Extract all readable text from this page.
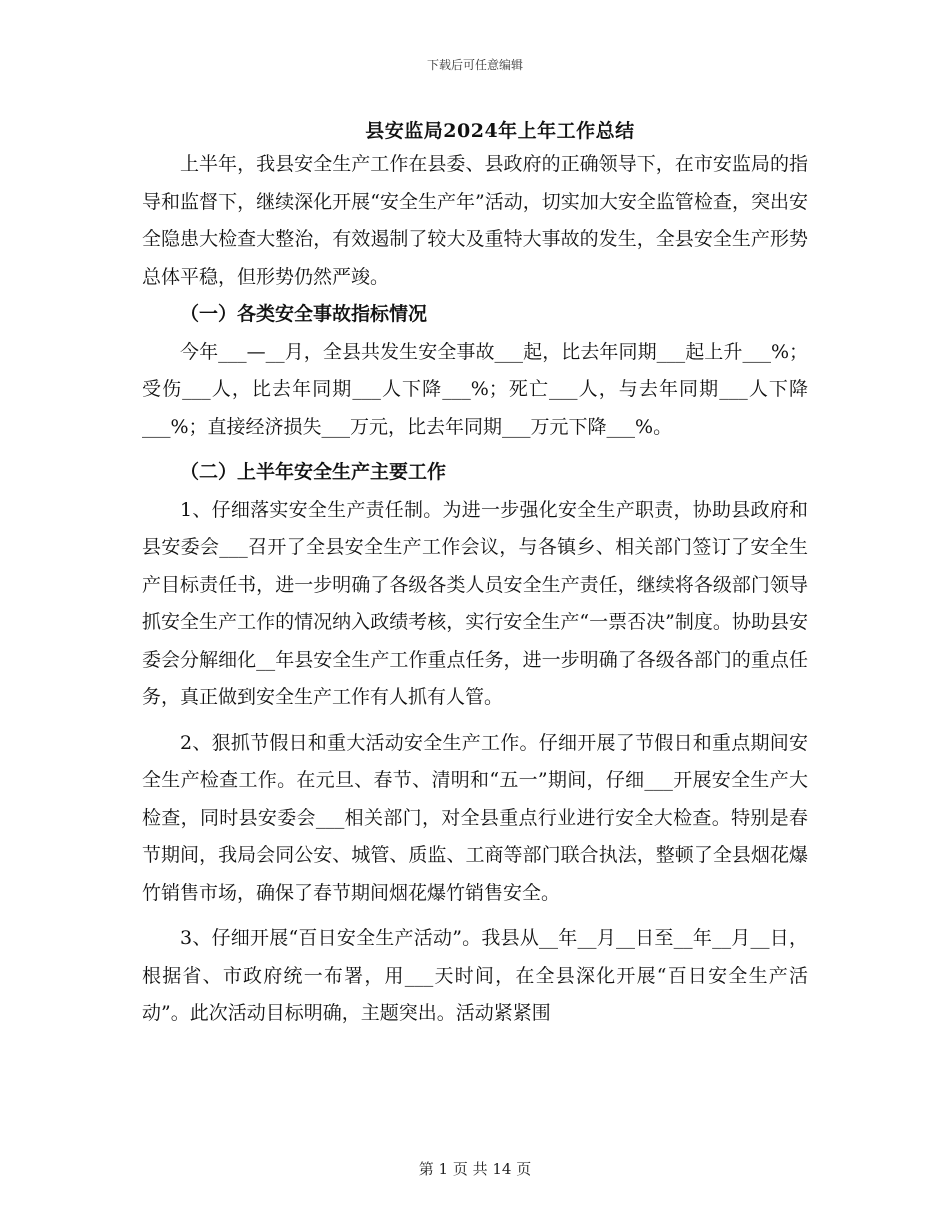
下载后可任意编辑
县安监局2024年上年工作总结

上半年，我县安全生产工作在县委、县政府的正确领导下，在市安监局的指导和监督下，继续深化开展“安全生产年”活动，切实加大安全监管检查，突出安全隐患大检查大整治，有效遏制了较大及重特大事故的发生，全县安全生产形势总体平稳，但形势仍然严竣。

（一）各类安全事故指标情况

今年___—__月，全县共发生安全事故___起，比去年同期___起上升___%；受伤___人，比去年同期___人下降___%；死亡___人，与去年同期___人下降___%；直接经济损失___万元，比去年同期___万元下降___%。

（二）上半年安全生产主要工作

1、仔细落实安全生产责任制。为进一步强化安全生产职责，协助县政府和县安委会___召开了全县安全生产工作会议，与各镇乡、相关部门签订了安全生产目标责任书，进一步明确了各级各类人员安全生产责任，继续将各级部门领导抓安全生产工作的情况纳入政绩考核，实行安全生产“一票否决”制度。协助县安委会分解细化__年县安全生产工作重点任务，进一步明确了各级各部门的重点任务，真正做到安全生产工作有人抓有人管。

2、狠抓节假日和重大活动安全生产工作。仔细开展了节假日和重点期间安全生产检查工作。在元旦、春节、清明和“五一”期间，仔细___开展安全生产大检查，同时县安委会___相关部门，对全县重点行业进行安全大检查。特别是春节期间，我局会同公安、城管、质监、工商等部门联合执法，整顿了全县烟花爆竹销售市场，确保了春节期间烟花爆竹销售安全。

3、仔细开展“百日安全生产活动”。我县从__年__月__日至__年__月__日，根据省、市政府统一布署，用___天时间，在全县深化开展“百日安全生产活动”。此次活动目标明确，主题突出。活动紧紧围

第 1 页 共 14 页
